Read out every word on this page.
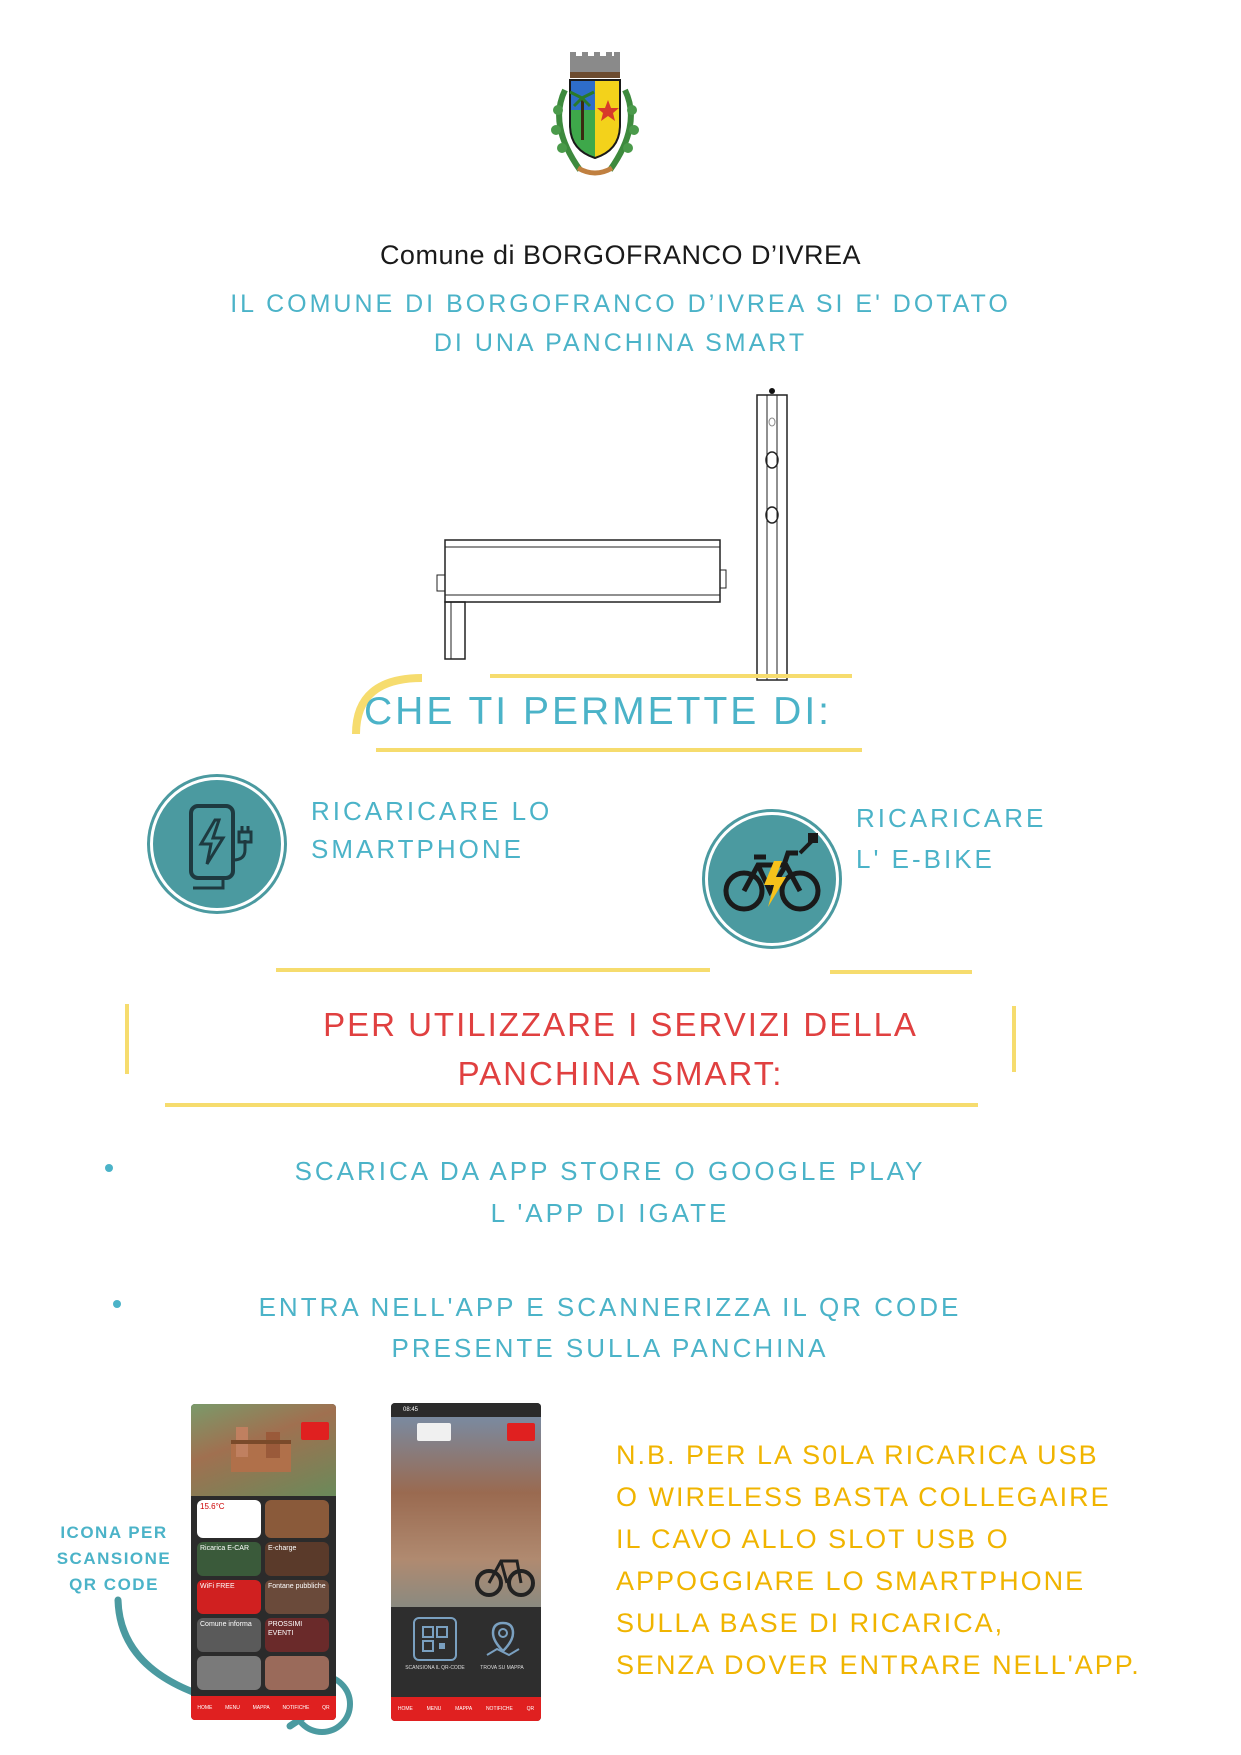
Comune di BORGOFRANCO D’IVREA
IL COMUNE DI BORGOFRANCO D’IVREA SI E' DOTATO
DI UNA PANCHINA SMART
CHE TI PERMETTE DI:
RICARICARE LO
SMARTPHONE
RICARICARE
L' E-BIKE
PER UTILIZZARE I SERVIZI DELLA
PANCHINA SMART:
SCARICA DA APP STORE O GOOGLE PLAY
L 'APP DI IGATE
ENTRA NELL'APP E SCANNERIZZA IL QR CODE
PRESENTE SULLA PANCHINA
ICONA PER
SCANSIONE
QR CODE
15.6°C
Ricarica E-CAR	E-charge
WiFi FREE	Fontane pubbliche
Comune informa	PROSSIMI EVENTI
HOME	MENU	MAPPA	NOTIFICHE	QR
08:45
SCANSIONA IL QR-CODE	TROVA SU MAPPA
HOME	MENU	MAPPA	NOTIFICHE	QR
N.B. PER LA S0LA RICARICA USB
O WIRELESS BASTA COLLEGAIRE
IL CAVO ALLO SLOT USB O
APPOGGIARE LO SMARTPHONE
SULLA BASE DI RICARICA,
SENZA DOVER ENTRARE NELL'APP.
